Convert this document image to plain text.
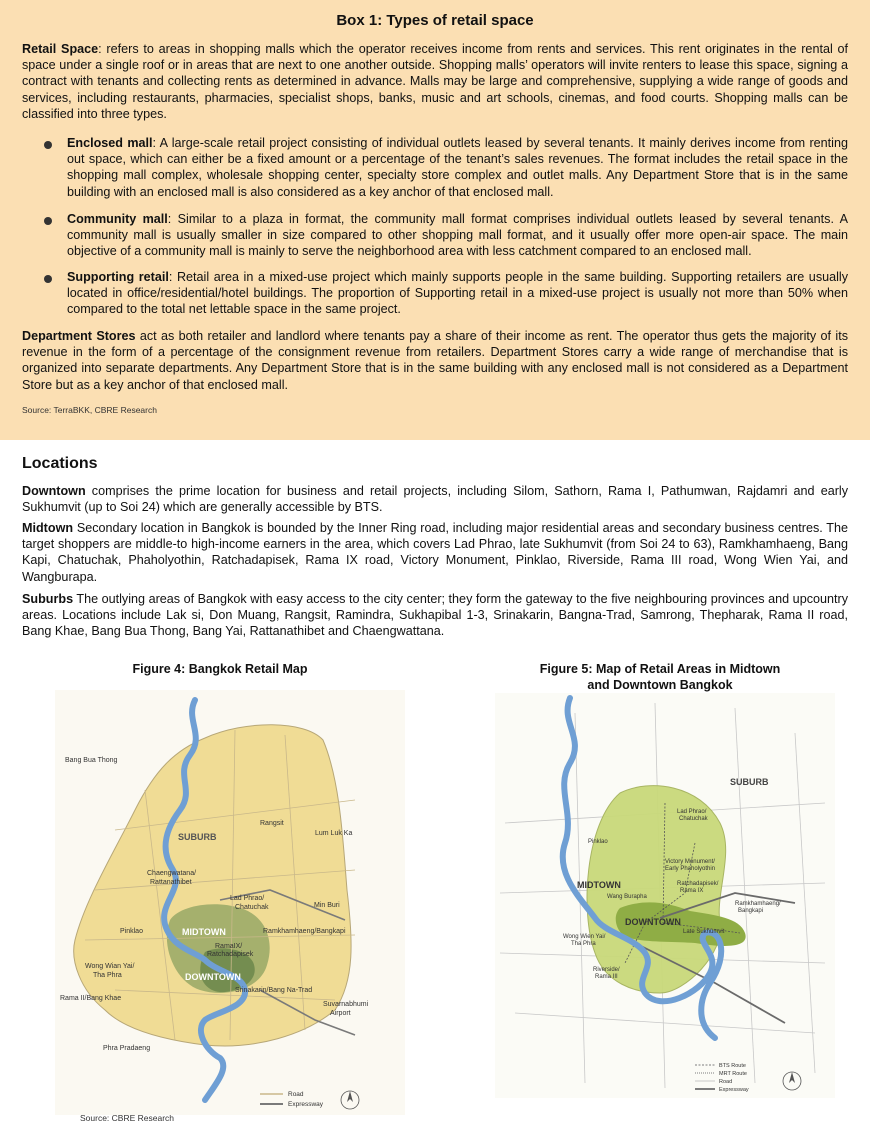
Box 1: Types of retail space

Retail Space: refers to areas in shopping malls which the operator receives income from rents and services. This rent originates in the rental of space under a single roof or in areas that are next to one another outside. Shopping malls’ operators will invite renters to lease this space, signing a contract with tenants and collecting rents as determined in advance. Malls may be large and comprehensive, supplying a wide range of goods and services, including restaurants, pharmacies, specialist shops, banks, music and art schools, cinemas, and food courts. Shopping malls can be classified into three types.

Enclosed mall: A large-scale retail project consisting of individual outlets leased by several tenants. It mainly derives income from renting out space, which can either be a fixed amount or a percentage of the tenant’s sales revenues. The format includes the retail space in the shopping mall complex, wholesale shopping center, specialty store complex and outlet malls. Any Department Store that is in the same building with an enclosed mall is also considered as a key anchor of that enclosed mall.

Community mall: Similar to a plaza in format, the community mall format comprises individual outlets leased by several tenants. A community mall is usually smaller in size compared to other shopping mall format, and it usually offer more open-air space. The main objective of a community mall is mainly to serve the neighborhood area with less catchment compared to an enclosed mall.

Supporting retail: Retail area in a mixed-use project which mainly supports people in the same building. Supporting retailers are usually located in office/residential/hotel buildings. The proportion of Supporting retail in a mixed-use project is usually not more than 50% when compared to the total net lettable space in the same project.

Department Stores act as both retailer and landlord where tenants pay a share of their income as rent. The operator thus gets the majority of its revenue in the form of a percentage of the consignment revenue from retailers. Department Stores carry a wide range of merchandise that is organized into separate departments. Any Department Store that is in the same building with any enclosed mall is not considered as a Department Store but as a key anchor of that enclosed mall.

Source: TerraBKK, CBRE Research
Locations

Downtown comprises the prime location for business and retail projects, including Silom, Sathorn, Rama I, Pathumwan, Rajdamri and early Sukhumvit (up to Soi 24) which are generally accessible by BTS.

Midtown Secondary location in Bangkok is bounded by the Inner Ring road, including major residential areas and secondary business centres. The target shoppers are middle-to high-income earners in the area, which covers Lad Phrao, late Sukhumvit (from Soi 24 to 63), Ramkhamhaeng, Bang Kapi, Chatuchak, Phaholyothin, Ratchadapisek, Rama IX road, Victory Monument, Pinklao, Riverside, Rama III road, Wong Wien Yai, and Wangburapa.

Suburbs The outlying areas of Bangkok with easy access to the city center; they form the gateway to the five neighbouring provinces and upcountry areas. Locations include Lak si, Don Muang, Rangsit, Ramindra, Sukhapibal 1-3, Srinakarin, Bangna-Trad, Samrong, Thepharak, Rama II road, Bang Khae, Bang Bua Thong, Bang Yai, Rattanathibet and Chaengwattana.

Figure 4: Bangkok Retail Map
Bang Bua Thong
Rangsit
SUBURB	Lum Luk Ka
Chaengwatana/
Rattanathibet
Lad Phrao/
Chatuchak	Min Buri
Pinklao	MIDTOWN	Ramkhamhaeng/Bangkapi
RamaIX/
Ratchadapisek
Wong Wian Yai/
Tha Phra	DOWNTOWN
Srinakarin/Bang Na-Trad
Suvarnabhumi
Airport
Rama II/Bang Khae
Phra Pradaeng
Road
Expressway
Source: CBRE Research
Figure 5: Map of Retail Areas in Midtown
and Downtown Bangkok
SUBURB
MIDTOWN
DOWNTOWN
Lad Phrao/
Chatuchak
Pinklao
Victory Monument/
Early Phaholyothin
Ratchadapisek/
Rama IX
Ramkhamhaeng/
Bangkapi
Wang Burapha
Late Sukhumvit
Wong Wien Yai/
Tha Phra
Riverside/
Rama III
BTS Route
MRT Route
Road
Expressway
